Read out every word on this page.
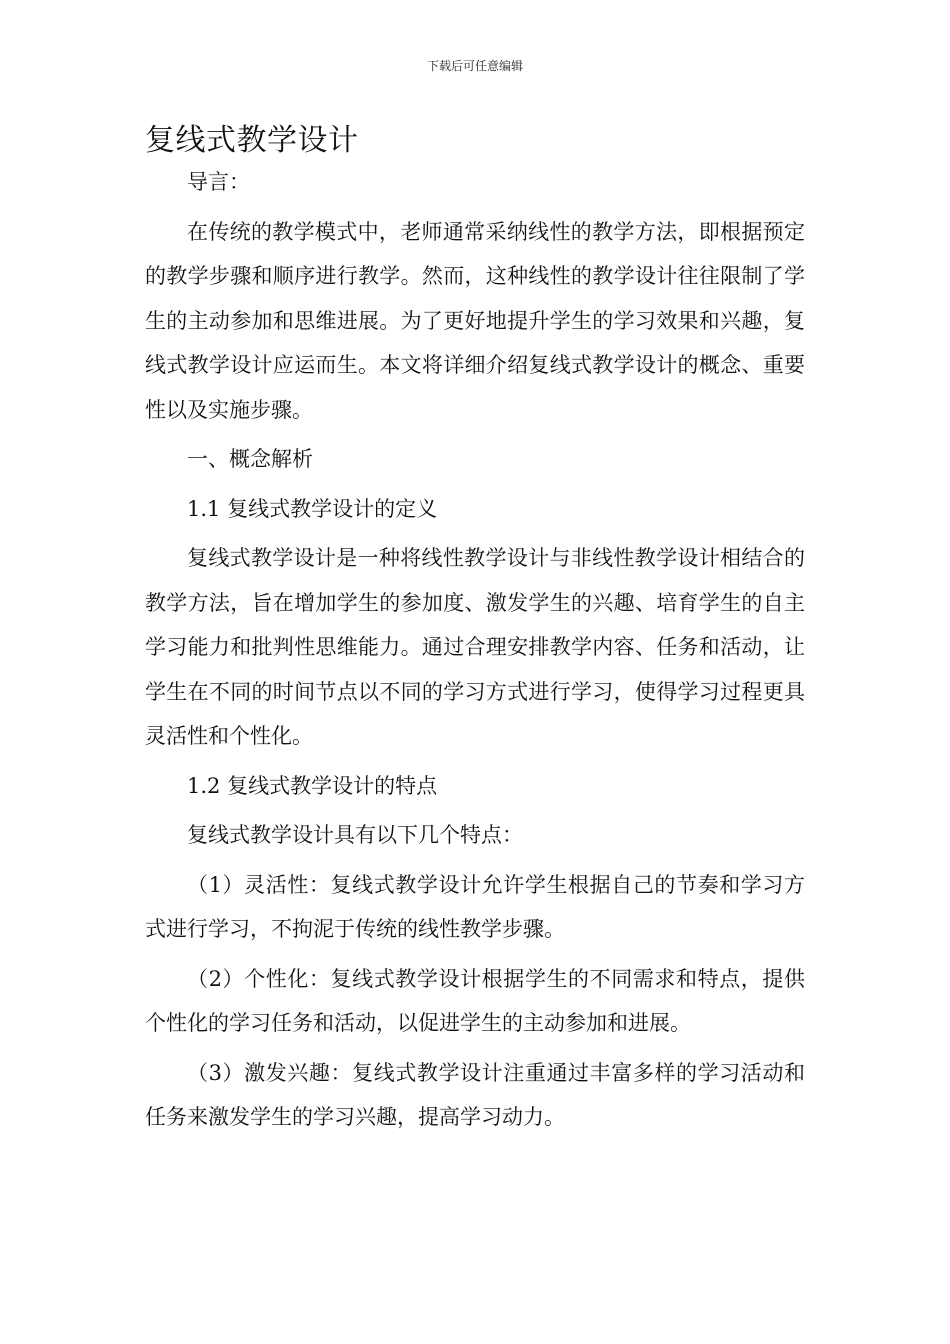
下载后可任意编辑
复线式教学设计

导言：

在传统的教学模式中，老师通常采纳线性的教学方法，即根据预定的教学步骤和顺序进行教学。然而，这种线性的教学设计往往限制了学生的主动参加和思维进展。为了更好地提升学生的学习效果和兴趣，复线式教学设计应运而生。本文将详细介绍复线式教学设计的概念、重要性以及实施步骤。

一、概念解析

1.1 复线式教学设计的定义

复线式教学设计是一种将线性教学设计与非线性教学设计相结合的教学方法，旨在增加学生的参加度、激发学生的兴趣、培育学生的自主学习能力和批判性思维能力。通过合理安排教学内容、任务和活动，让学生在不同的时间节点以不同的学习方式进行学习，使得学习过程更具灵活性和个性化。

1.2 复线式教学设计的特点

复线式教学设计具有以下几个特点：

（1）灵活性：复线式教学设计允许学生根据自己的节奏和学习方式进行学习，不拘泥于传统的线性教学步骤。

（2）个性化：复线式教学设计根据学生的不同需求和特点，提供个性化的学习任务和活动，以促进学生的主动参加和进展。

（3）激发兴趣：复线式教学设计注重通过丰富多样的学习活动和任务来激发学生的学习兴趣，提高学习动力。
